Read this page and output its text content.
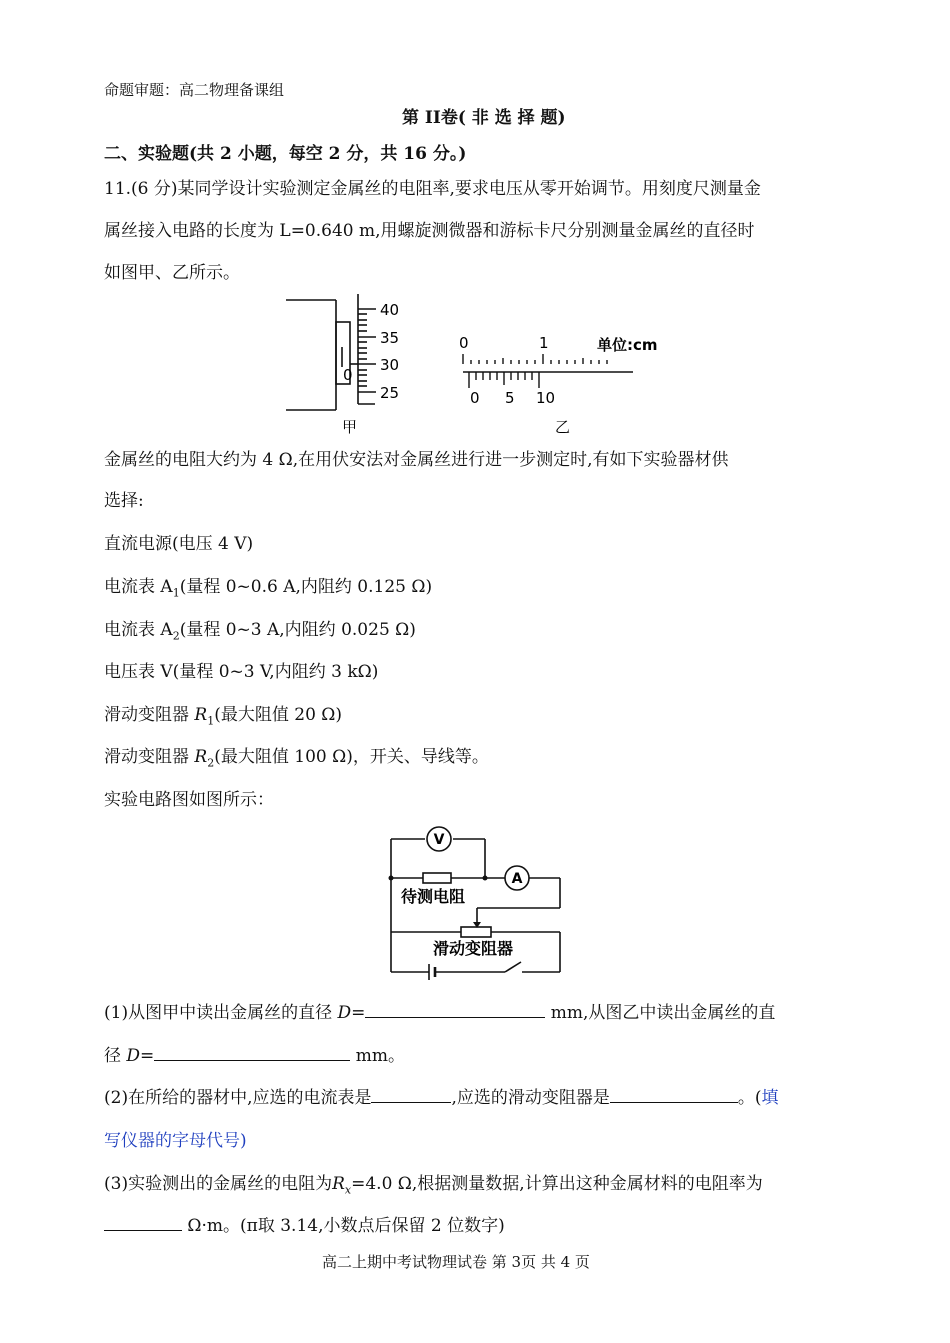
命题审题：高二物理备课组
第 II卷( 非 选 择 题)
二、实验题(共 2 小题，每空 2 分，共 16 分。)
11.(6 分)某同学设计实验测定金属丝的电阻率,要求电压从零开始调节。用刻度尺测量金
属丝接入电路的长度为 L=0.640 m,用螺旋测微器和游标卡尺分别测量金属丝的直径时
如图甲、乙所示。
0
40
35
30
25
甲
0	1	单位:cm
0 5 10
乙
金属丝的电阻大约为 4 Ω,在用伏安法对金属丝进行进一步测定时,有如下实验器材供
选择:
直流电源(电压 4 V)
电流表 $A_1$(量程 0~0.6 A,内阻约 0.125 Ω)
电流表 $A_2$(量程 0~3 A,内阻约 0.025 Ω)
电压表 V(量程 0~3 V,内阻约 3 kΩ)
滑动变阻器 $R_1$(最大阻值 20 Ω)
滑动变阻器 $R_2$(最大阻值 100 Ω)，开关、导线等。
实验电路图如图所示：
V
A
待测电阻
滑动变阻器
(1)从图甲中读出金属丝的直径 D=	mm,从图乙中读出金属丝的直
径 D=	mm。
(2)在所给的器材中,应选的电流表是	,应选的滑动变阻器是	。(填
写仪器的字母代号)
(3)实验测出的金属丝的电阻为$R_x=4.0$ Ω,根据测量数据,计算出这种金属材料的电阻率为
Ω·m。(π取 3.14,小数点后保留 2 位数字)
高二上期中考试物理试卷 第 3页 共 4 页
